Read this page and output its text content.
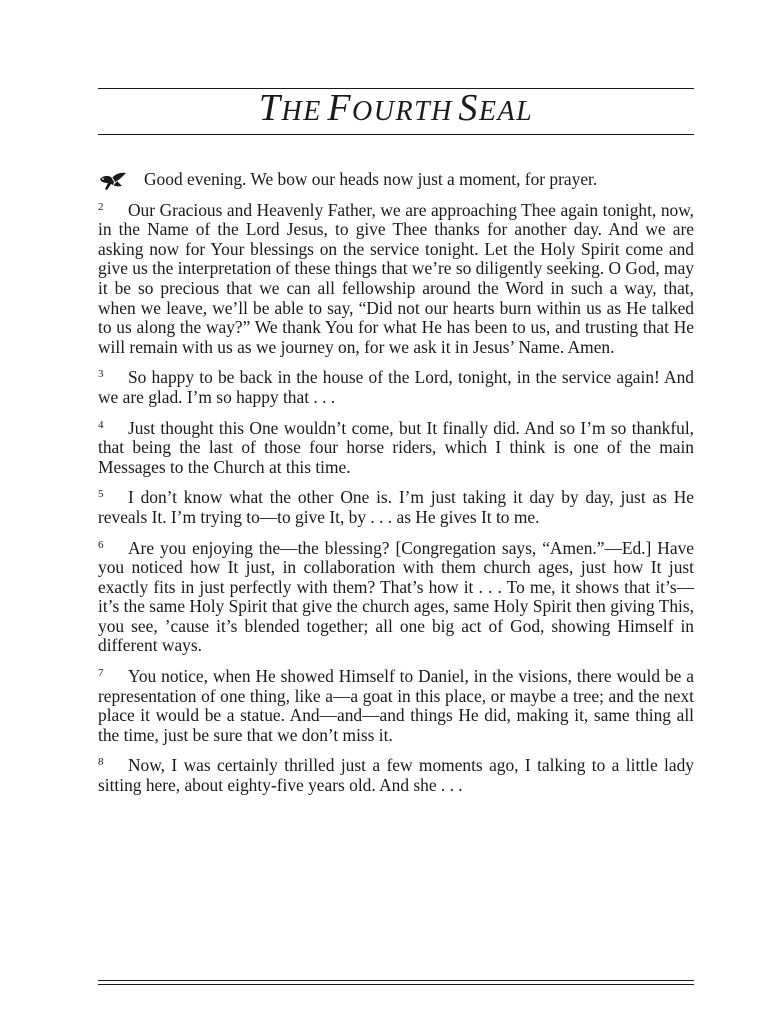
THE FOURTH SEAL

Good evening. We bow our heads now just a moment, for prayer.

2 Our Gracious and Heavenly Father, we are approaching Thee again tonight, now, in the Name of the Lord Jesus, to give Thee thanks for another day. And we are asking now for Your blessings on the service tonight. Let the Holy Spirit come and give us the interpretation of these things that we’re so diligently seeking. O God, may it be so precious that we can all fellowship around the Word in such a way, that, when we leave, we’ll be able to say, “Did not our hearts burn within us as He talked to us along the way?” We thank You for what He has been to us, and trusting that He will remain with us as we journey on, for we ask it in Jesus’ Name. Amen.

3 So happy to be back in the house of the Lord, tonight, in the service again! And we are glad. I’m so happy that . . .

4 Just thought this One wouldn’t come, but It finally did. And so I’m so thankful, that being the last of those four horse riders, which I think is one of the main Messages to the Church at this time.

5 I don’t know what the other One is. I’m just taking it day by day, just as He reveals It. I’m trying to—to give It, by . . . as He gives It to me.

6 Are you enjoying the—the blessing? [Congregation says, “Amen.”—Ed.] Have you noticed how It just, in collaboration with them church ages, just how It just exactly fits in just perfectly with them? That’s how it . . . To me, it shows that it’s—it’s the same Holy Spirit that give the church ages, same Holy Spirit then giving This, you see, ’cause it’s blended together; all one big act of God, showing Himself in different ways.

7 You notice, when He showed Himself to Daniel, in the visions, there would be a representation of one thing, like a—a goat in this place, or maybe a tree; and the next place it would be a statue. And—and—and things He did, making it, same thing all the time, just be sure that we don’t miss it.

8 Now, I was certainly thrilled just a few moments ago, I talking to a little lady sitting here, about eighty-five years old. And she . . .
